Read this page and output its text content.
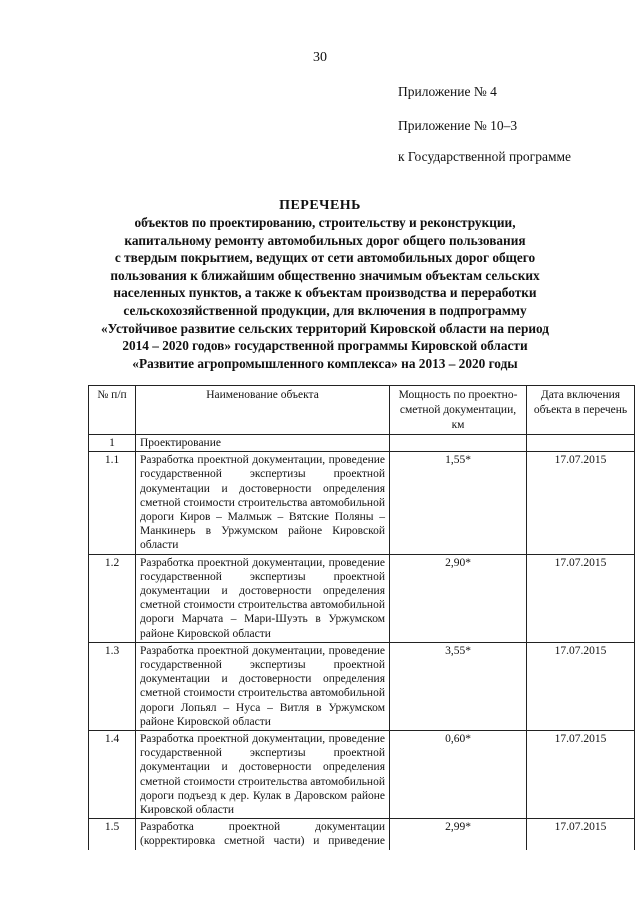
30
Приложение № 4
Приложение № 10–3
к Государственной программе
ПЕРЕЧЕНЬ
объектов по проектированию, строительству и реконструкции,
капитальному ремонту автомобильных дорог общего пользования
с твердым покрытием, ведущих от сети автомобильных дорог общего
пользования к ближайшим общественно значимым объектам сельских
населенных пунктов, а также к объектам производства и переработки
сельскохозяйственной продукции, для включения в подпрограмму
«Устойчивое развитие сельских территорий Кировской области на период
2014 – 2020 годов» государственной программы Кировской области
«Развитие агропромышленного комплекса» на 2013 – 2020 годы
№ п/п	Наименование объекта	Мощность по проектно-сметной документации, км	Дата включения объекта в перечень
1	Проектирование		
1.1	Разработка проектной документации, проведение государственной экспертизы проектной документации и достоверности определения сметной стоимости строительства автомобильной дороги Киров – Малмыж – Вятские Поляны – Манкинерь в Уржумском районе Кировской области	1,55*	17.07.2015
1.2	Разработка проектной документации, проведение государственной экспертизы проектной документации и достоверности определения сметной стоимости строительства автомобильной дороги Марчата – Мари-Шуэть в Уржумском районе Кировской области	2,90*	17.07.2015
1.3	Разработка проектной документации, проведение государственной экспертизы проектной документации и достоверности определения сметной стоимости строительства автомобильной дороги Лопьял – Нуса – Витля в Уржумском районе Кировской области	3,55*	17.07.2015
1.4	Разработка проектной документации, проведение государственной экспертизы проектной документации и достоверности определения сметной стоимости строительства автомобильной дороги подъезд к дер. Кулак в Даровском районе Кировской области	0,60*	17.07.2015
1.5	Разработка проектной документации (корректировка сметной части) и приведение	2,99*	17.07.2015
